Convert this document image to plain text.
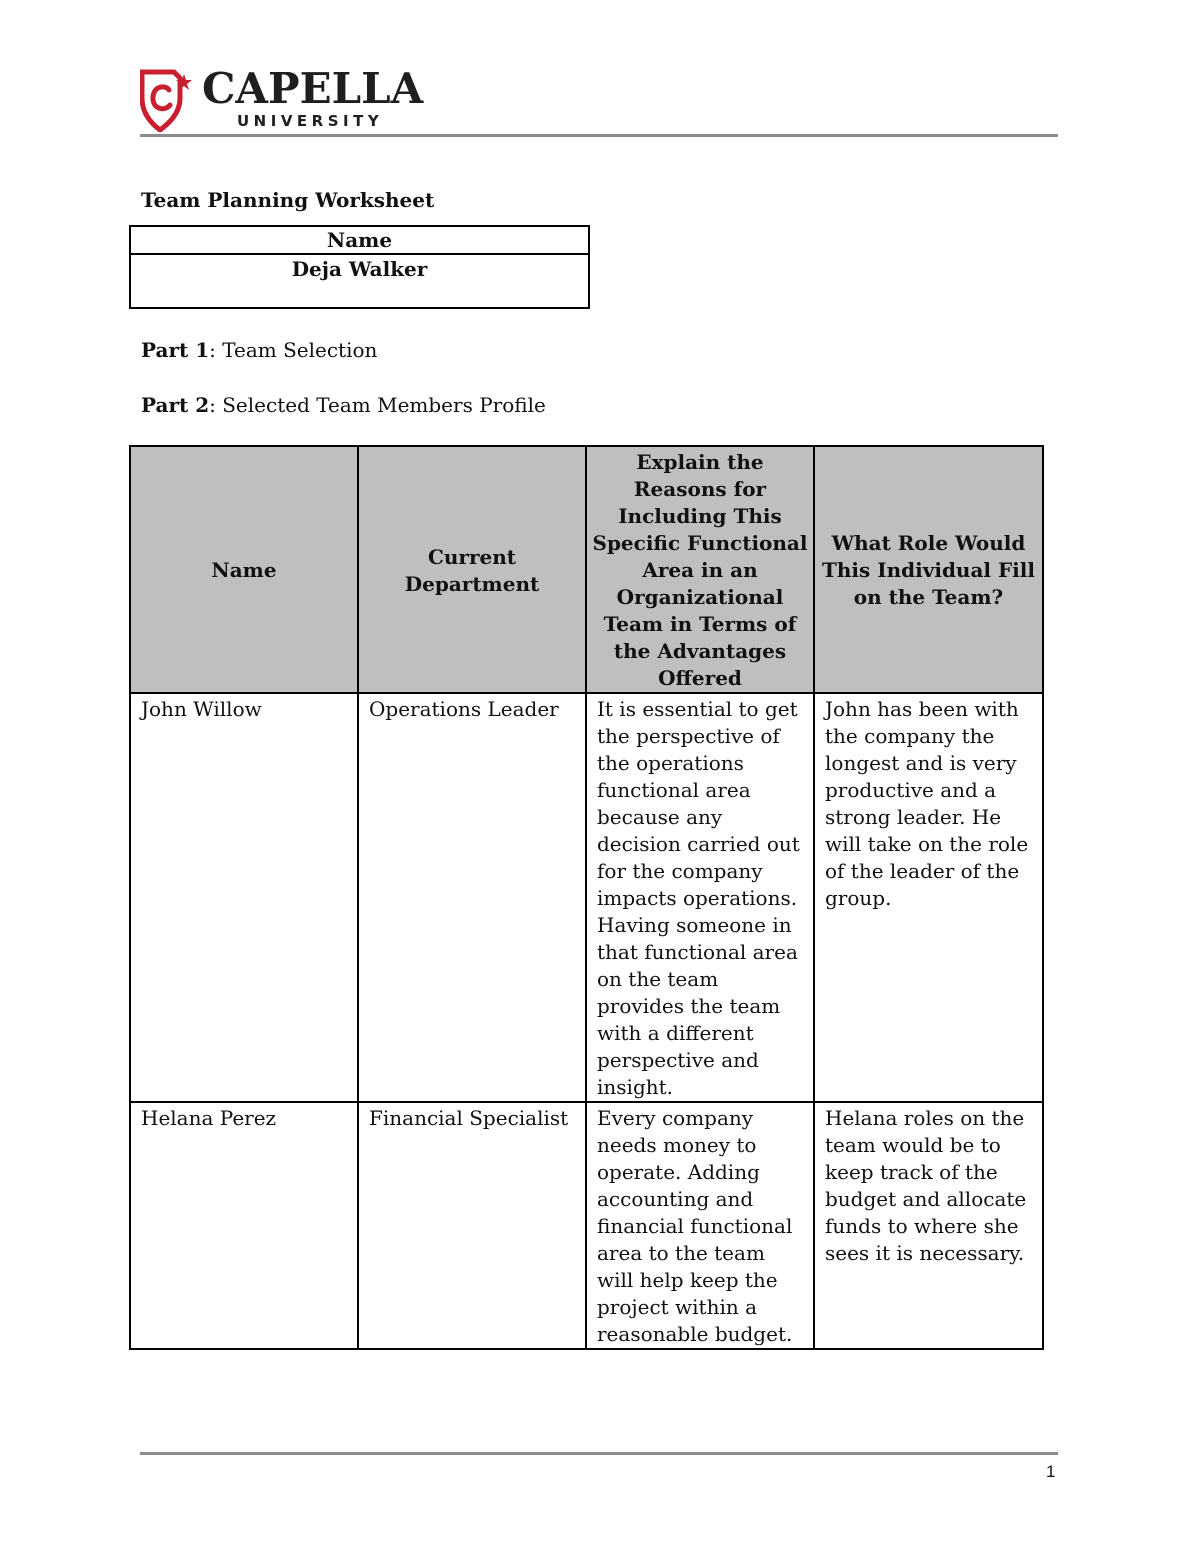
CAPELLA
UNIVERSITY
Team Planning Worksheet
Name
Deja Walker
Part 1: Team Selection
Part 2: Selected Team Members Profile
Name	Current Department	Explain the Reasons for Including This Specific Functional Area in an Organizational Team in Terms of the Advantages Offered	What Role Would This Individual Fill on the Team?
John Willow	Operations Leader	It is essential to get the perspective of the operations functional area because any decision carried out for the company impacts operations. Having someone in that functional area on the team provides the team with a different perspective and insight.	John has been with the company the longest and is very productive and a strong leader. He will take on the role of the leader of the group.
Helana Perez	Financial Specialist	Every company needs money to operate. Adding accounting and financial functional area to the team will help keep the project within a reasonable budget.	Helana roles on the team would be to keep track of the budget and allocate funds to where she sees it is necessary.
1
